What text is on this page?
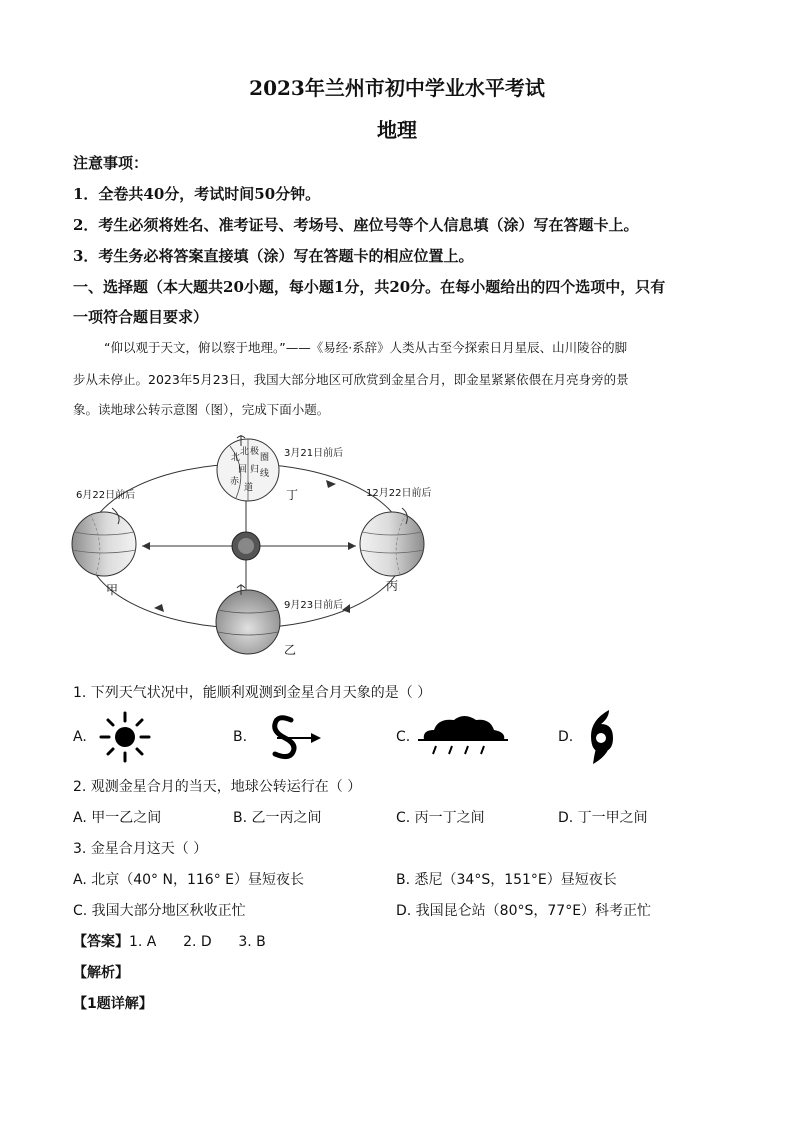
2023年兰州市初中学业水平考试
地理
注意事项：
1．全卷共40分，考试时间50分钟。
2．考生必须将姓名、准考证号、考场号、座位号等个人信息填（涂）写在答题卡上。
3．考生务必将答案直接填（涂）写在答题卡的相应位置上。
一、选择题（本大题共20小题，每小题1分，共20分。在每小题给出的四个选项中，只有
一项符合题目要求）
“仰以观于天文，俯以察于地理。”——《易经·系辞》人类从古至今探索日月星辰、山川陵谷的脚
步从未停止。2023年5月23日，我国大部分地区可欣赏到金星合月，即金星紧紧依偎在月亮身旁的景
象。读地球公转示意图（图），完成下面小题。
北
北 极
圈
回 归 线
赤
道
3月21日前后
丁
6月22日前后
甲
12月22日前后
丙
9月23日前后
乙
1. 下列天气状况中，能顺利观测到金星合月天象的是（ ）
A.	B.	C.	D.
2. 观测金星合月的当天，地球公转运行在（ ）
A. 甲一乙之间	B. 乙一丙之间	C. 丙一丁之间	D. 丁一甲之间
3. 金星合月这天（ ）
A. 北京（40° N，116° E）昼短夜长	B. 悉尼（34°S，151°E）昼短夜长
C. 我国大部分地区秋收正忙	D. 我国昆仑站（80°S，77°E）科考正忙
【答案】1. A      2. D      3. B
【解析】
【1题详解】
